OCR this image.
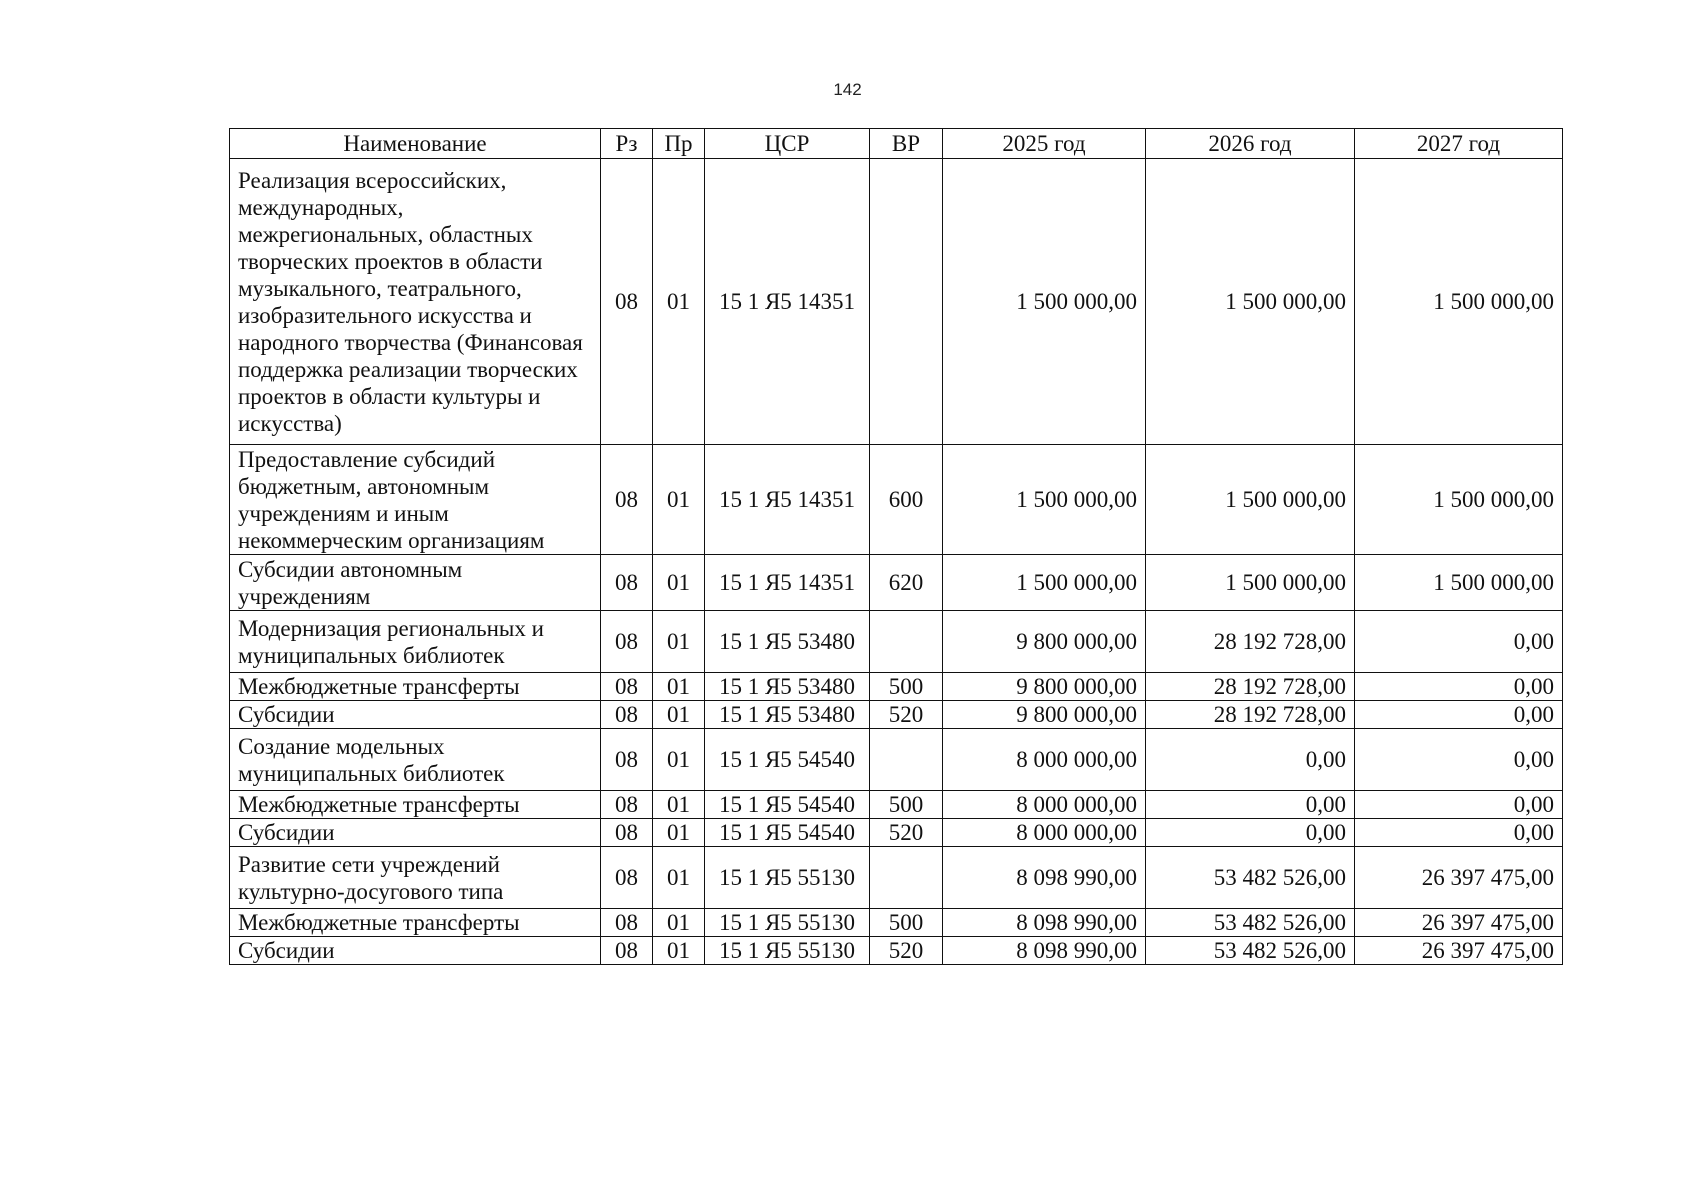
142
Наименование	Рз	Пр	ЦСР	ВР	2025 год	2026 год	2027 год
Реализация всероссийских, международных, межрегиональных, областных творческих проектов в области музыкального, театрального, изобразительного искусства и народного творчества (Финансовая поддержка реализации творческих проектов в области культуры и искусства)	08	01	15 1 Я5 14351		1 500 000,00	1 500 000,00	1 500 000,00
Предоставление субсидий бюджетным, автономным учреждениям и иным некоммерческим организациям	08	01	15 1 Я5 14351	600	1 500 000,00	1 500 000,00	1 500 000,00
Субсидии автономным учреждениям	08	01	15 1 Я5 14351	620	1 500 000,00	1 500 000,00	1 500 000,00
Модернизация региональных и муниципальных библиотек	08	01	15 1 Я5 53480		9 800 000,00	28 192 728,00	0,00
Межбюджетные трансферты	08	01	15 1 Я5 53480	500	9 800 000,00	28 192 728,00	0,00
Субсидии	08	01	15 1 Я5 53480	520	9 800 000,00	28 192 728,00	0,00
Создание модельных муниципальных библиотек	08	01	15 1 Я5 54540		8 000 000,00	0,00	0,00
Межбюджетные трансферты	08	01	15 1 Я5 54540	500	8 000 000,00	0,00	0,00
Субсидии	08	01	15 1 Я5 54540	520	8 000 000,00	0,00	0,00
Развитие сети учреждений культурно-досугового типа	08	01	15 1 Я5 55130		8 098 990,00	53 482 526,00	26 397 475,00
Межбюджетные трансферты	08	01	15 1 Я5 55130	500	8 098 990,00	53 482 526,00	26 397 475,00
Субсидии	08	01	15 1 Я5 55130	520	8 098 990,00	53 482 526,00	26 397 475,00
